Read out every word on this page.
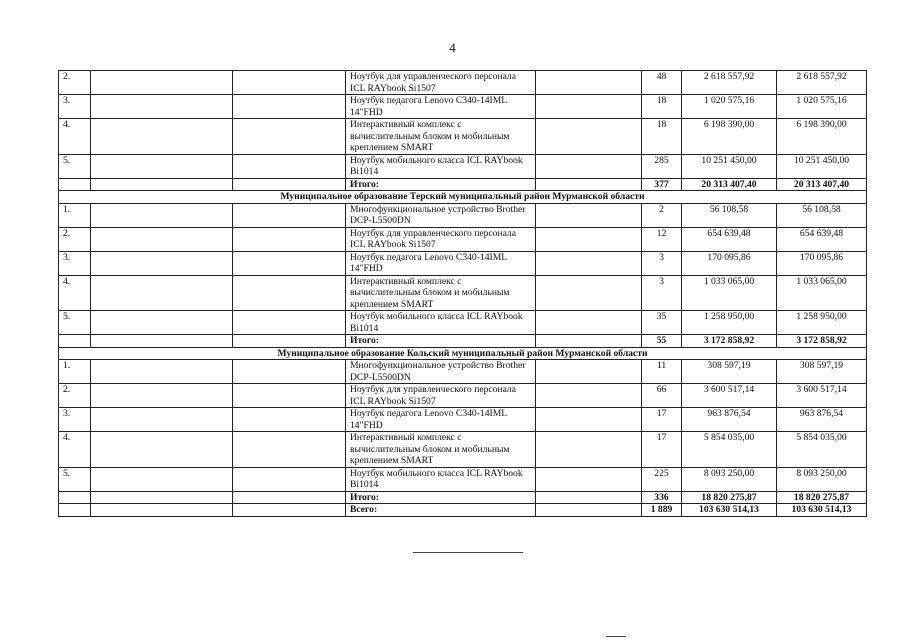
4
2.			Ноутбук для управленческого персонала ICL RAYbook Si1507		48	2 618 557,92	2 618 557,92
3.			Ноутбук педагога Lenovo C340-14IML 14"FHD		18	1 020 575,16	1 020 575,16
4.			Интерактивный комплекс с вычислительным блоком и мобильным креплением SMART		18	6 198 390,00	6 198 390,00
5.			Ноутбук мобильного класса ICL RAYbook Bi1014		285	10 251 450,00	10 251 450,00
			Итого:		377	20 313 407,40	20 313 407,40
Муниципальное образование Терский муниципальный район Мурманской области							
1.			Многофункциональное устройство Brother DCP-L5500DN		2	56 108,58	56 108,58
2.			Ноутбук для управленческого персонала ICL RAYbook Si1507		12	654 639,48	654 639,48
3.			Ноутбук педагога Lenovo C340-14IML 14"FHD		3	170 095,86	170 095,86
4.			Интерактивный комплекс с вычислительным блоком и мобильным креплением SMART		3	1 033 065,00	1 033 065,00
5.			Ноутбук мобильного класса ICL RAYbook Bi1014		35	1 258 950,00	1 258 950,00
			Итого:		55	3 172 858,92	3 172 858,92
Муниципальное образование Кольский муниципальный район Мурманской области							
1.			Многофункциональное устройство Brother DCP-L5500DN		11	308 597,19	308 597,19
2.			Ноутбук для управленческого персонала ICL RAYbook Si1507		66	3 600 517,14	3 600 517,14
3.			Ноутбук педагога Lenovo C340-14IML 14"FHD		17	963 876,54	963 876,54
4.			Интерактивный комплекс с вычислительным блоком и мобильным креплением SMART		17	5 854 035,00	5 854 035,00
5.			Ноутбук мобильного класса ICL RAYbook Bi1014		225	8 093 250,00	8 093 250,00
			Итого:		336	18 820 275,87	18 820 275,87
			Всего:		1 889	103 630 514,13	103 630 514,13
